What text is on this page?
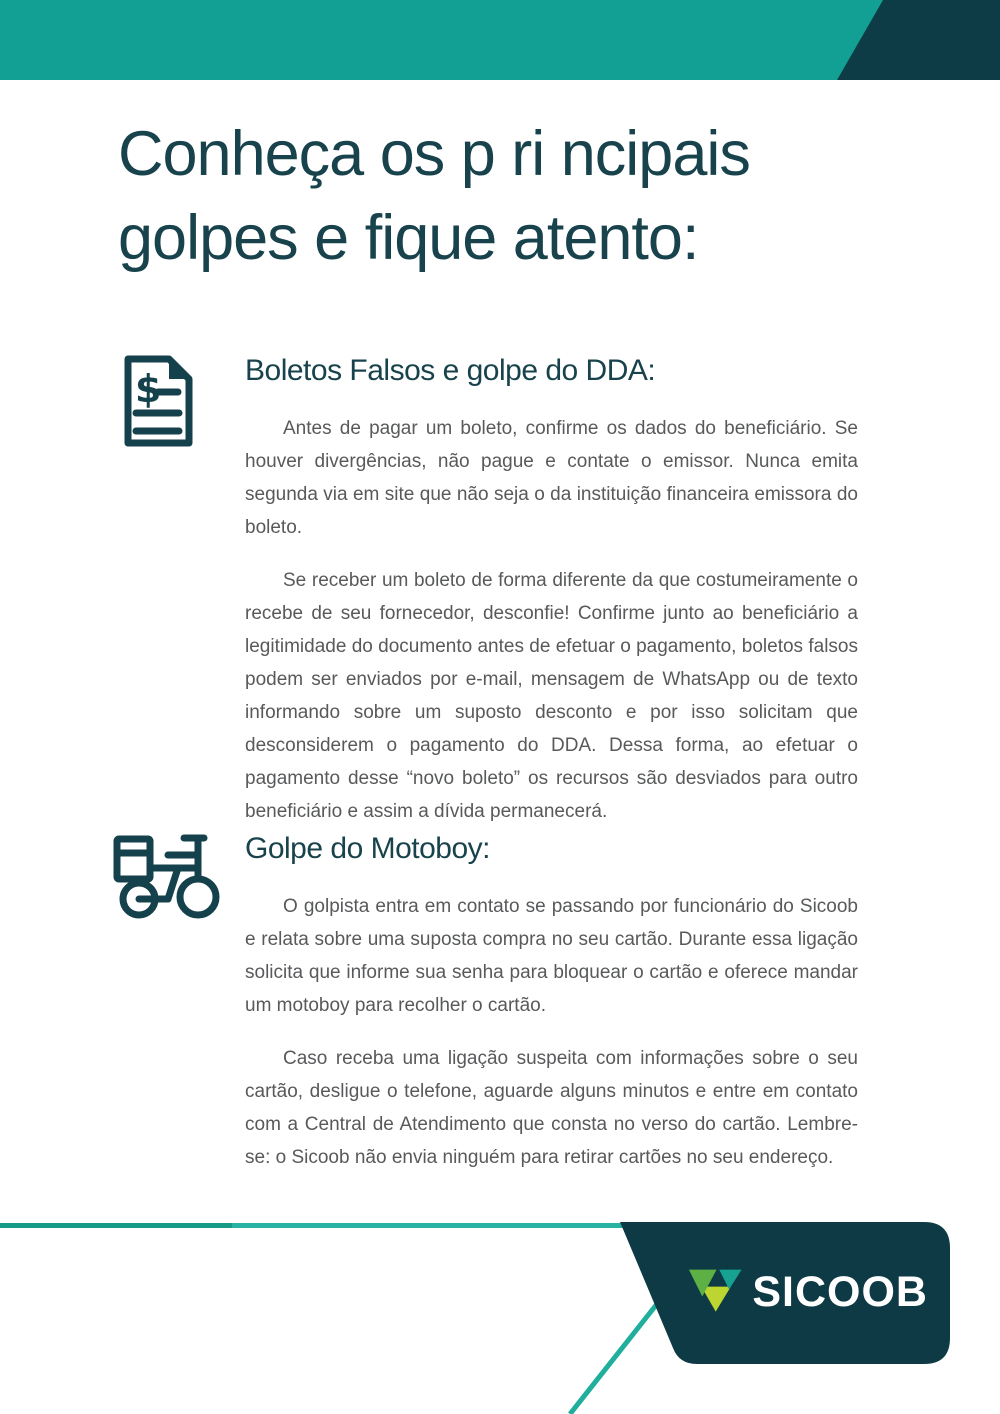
Conheça os p ri ncipais
golpes e fique atento:
$	Boletos Falsos e golpe do DDA:

Antes de pagar um boleto, confirme os dados do beneficiário. Se houver divergências, não pague e contate o emissor. Nunca emita segunda via em site que não seja o da instituição financeira emissora do boleto.

Se receber um boleto de forma diferente da que costumeiramente o recebe de seu fornecedor, desconfie! Confirme junto ao beneficiário a legitimidade do documento antes de efetuar o pagamento, boletos falsos podem ser enviados por e-mail, mensagem de WhatsApp ou de texto informando sobre um suposto desconto e por isso solicitam que desconsiderem o pagamento do DDA. Dessa forma, ao efetuar o pagamento desse “novo boleto” os recursos são desviados para outro beneficiário e assim a dívida permanecerá.

Golpe do Motoboy:

O golpista entra em contato se passando por funcionário do Sicoob e relata sobre uma suposta compra no seu cartão. Durante essa ligação solicita que informe sua senha para bloquear o cartão e oferece mandar um motoboy para recolher o cartão.

Caso receba uma ligação suspeita com informações sobre o seu cartão, desligue o telefone, aguarde alguns minutos e entre em contato com a Central de Atendimento que consta no verso do cartão. Lembre-se: o Sicoob não envia ninguém para retirar cartões no seu endereço.

SICOOB
